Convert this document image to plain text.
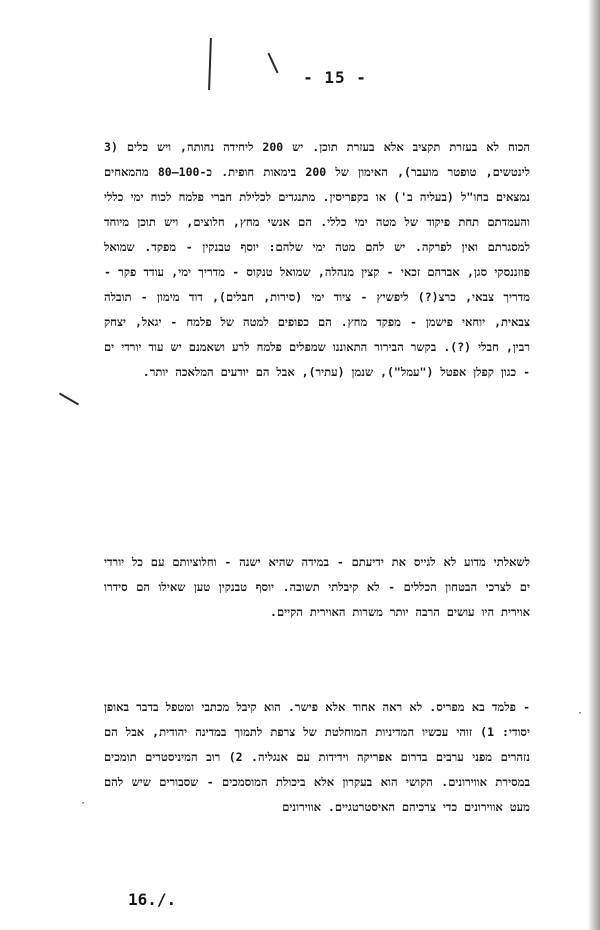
- 15 -

הכוח לא בעזרת תקציב אלא בעזרת תוכן. יש 200 ליחידה נחותה, ויש כלים (3 לינטשים, טופטר מועבר), האימון של 200 בימאות חופית. כ-100–80 מהמאחים נמצאים בחו"ל (בעליה ב') או בקפריסין. מתנגדים לכלילת חברי פלמח לכוח ימי כללי והעמדתם תחת פיקוד של מטה ימי כללי. הם אנשי מחץ, חלוצים, ויש תוכן מיוחד למסגרתם ואין לפרקה. יש להם מטה ימי שלהם: יוסף טבנקין - מפקד. שמואל פוזננסקי סגן, אברהם זכאי - קצין מנהלה, שמואל טנקוס - מדריך ימי, עודד פקר - מדריך צבאי, כרצ(?) ליפשיץ - ציוד ימי (סירות, חבלים), דוד מימון - תובלה צבאית, יוחאי פישמן - מפקד מחץ. הם כפופים למטה של פלמח - יגאל, יצחק רבין, חבלי (?). בקשר הבירור התאוננו שמפלים פלמח לרע ושאמנם יש עוד יורדי ים - כגון קפלן אפטל ("עמל"), שנמן (עתיר), אבל הם יודעים המלאכה יותר.

לשאלתי מדוע לא לגייס את ידיעתם - במידה שהיא ישנה - וחלוציותם עם כל יורדי ים לצרכי הבטחון הכללים - לא קיבלתי תשובה. יוסף טבנקין טען שאילו הם סידרו אוירית היו עושים הרבה יותר משרות האוירית הקיים.

- פלמד בא מפריס. לא ראה אחוד אלא פישר. הוא קיבל מכתבי ומטפל בדבר באופן יסודי: 1) זוהי עכשיו המדיניות המוחלטת של צרפת לתמוך במדינה יהודית, אבל הם נזהרים מפני ערבים בדרום אפריקה וידידות עם אנגליה. 2) רוב המיניסטרים תומכים במסירת אווירונים. הקושי הוא בעקרון אלא ביכולת המוסמכים - שסבורים שיש להם מעט אווירונים כדי צרכיהם האיסטרטגיים. אווירונים

·
·
16./.
